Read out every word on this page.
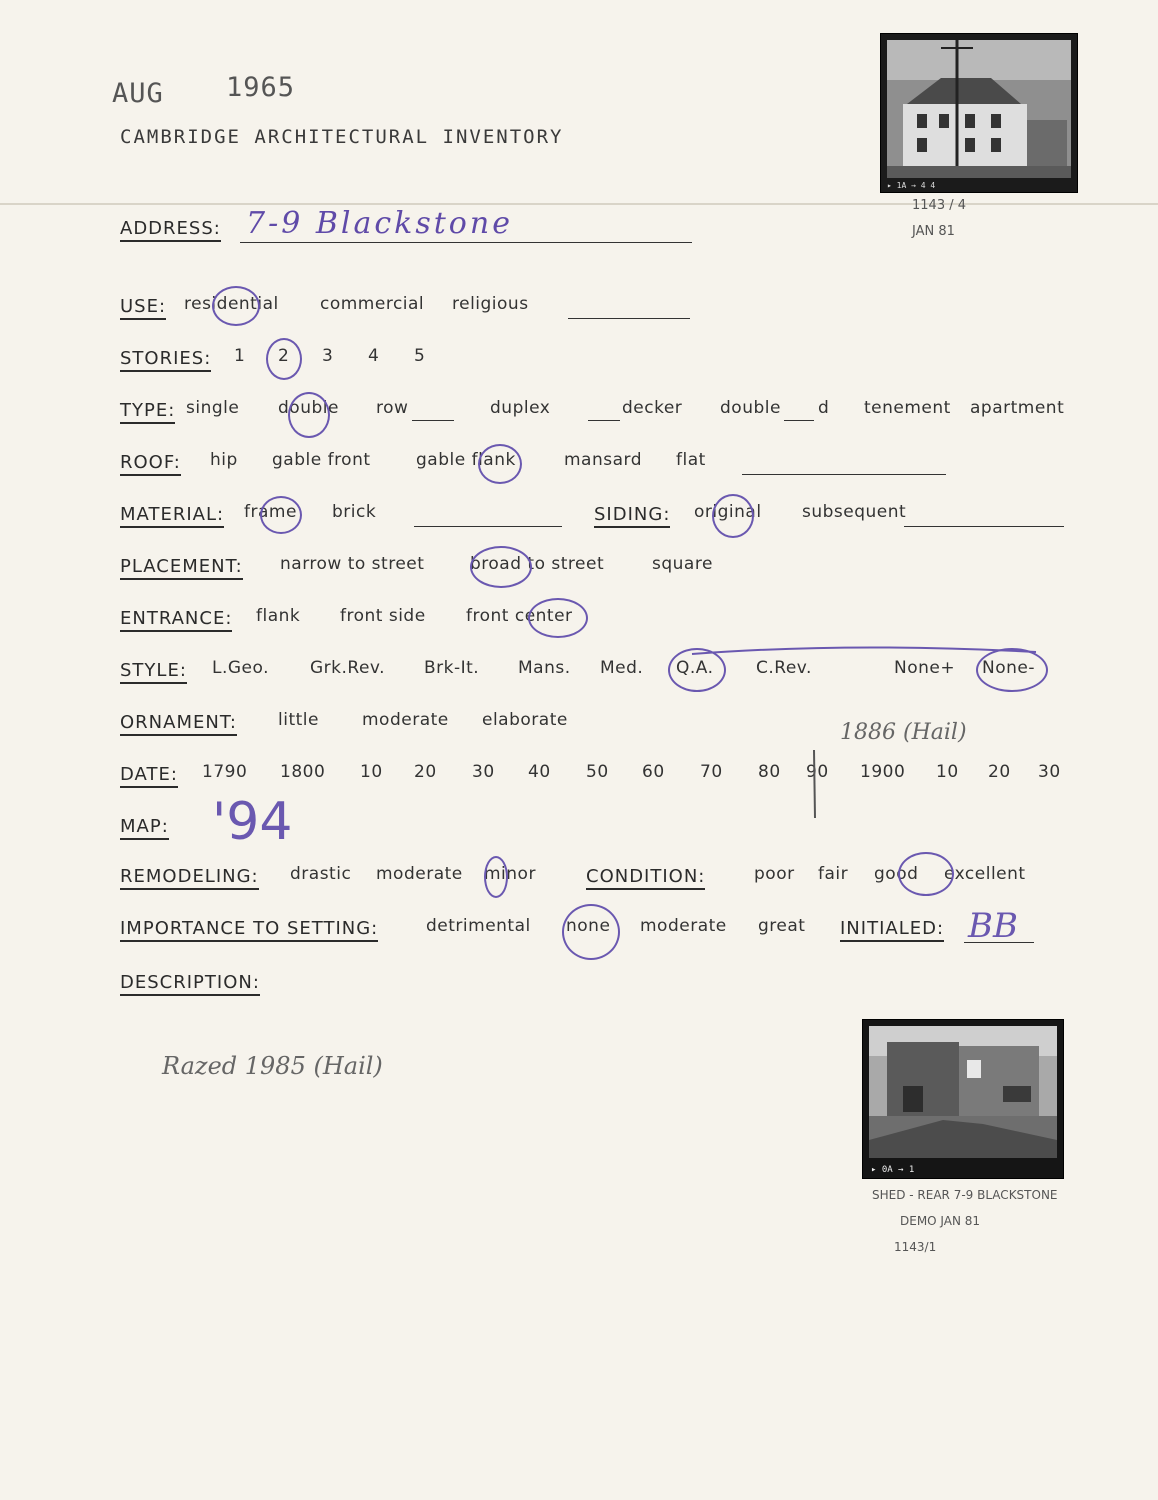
AUG 1965
CAMBRIDGE ARCHITECTURAL INVENTORY
▸ 1A → 4 4
1143 / 4
JAN 81
ADDRESS: 7-9 Blackstone
USE: residential commercial religious
STORIES: 1 2 3 4 5
TYPE: single double row	duplex	decker double d tenement apartment
ROOF: hip gable front	gable flank	mansard flat
MATERIAL: frame brick	SIDING: original subsequent
PLACEMENT: narrow to street	broad to street	square
ENTRANCE: flank front side front center
STYLE: L.Geo. Grk.Rev. Brk-It. Mans. Med. Q.A. C.Rev.	None+ None-
ORNAMENT: little	moderate elaborate	1886 (Hail)
DATE: 1790 1800 10 20 30 40 50 60 70 80 90 1900 10 20 30
MAP: '94
REMODELING: drastic moderate minor	CONDITION:	poor fair good excellent
IMPORTANCE TO SETTING:	detrimental none moderate great INITIALED: BB
DESCRIPTION:
Razed 1985 (Hail)
▸ 0A → 1
SHED - REAR 7-9 BLACKSTONE
DEMO JAN 81
1143/1
